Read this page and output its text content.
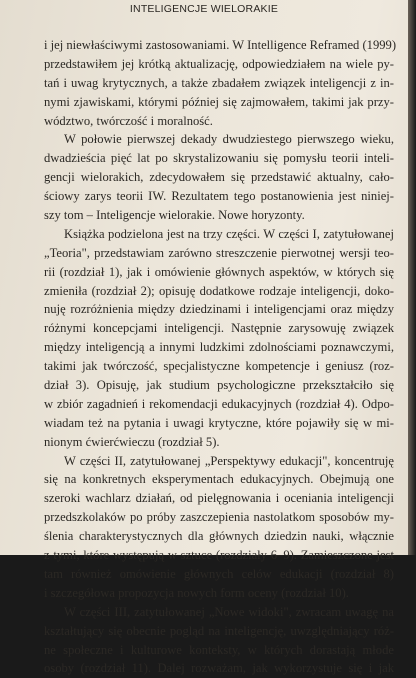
INTELIGENCJE WIELORAKIE
i jej niewłaściwymi zastosowaniami. W Intelligence Reframed (1999)
przedstawiłem jej krótką aktualizację, odpowiedziałem na wiele py-
tań i uwag krytycznych, a także zbadałem związek inteligencji z in-
nymi zjawiskami, którymi później się zajmowałem, takimi jak przy-
wództwo, twórczość i moralność.
W połowie pierwszej dekady dwudziestego pierwszego wieku,
dwadzieścia pięć lat po skrystalizowaniu się pomysłu teorii inteli-
gencji wielorakich, zdecydowałem się przedstawić aktualny, cało-
ściowy zarys teorii IW. Rezultatem tego postanowienia jest niniej-
szy tom – Inteligencje wielorakie. Nowe horyzonty.
Książka podzielona jest na trzy części. W części I, zatytułowanej
„Teoria", przedstawiam zarówno streszczenie pierwotnej wersji teo-
rii (rozdział 1), jak i omówienie głównych aspektów, w których się
zmieniła (rozdział 2); opisuję dodatkowe rodzaje inteligencji, doko-
nuję rozróżnienia między dziedzinami i inteligencjami oraz między
różnymi koncepcjami inteligencji. Następnie zarysowuję związek
między inteligencją a innymi ludzkimi zdolnościami poznawczymi,
takimi jak twórczość, specjalistyczne kompetencje i geniusz (roz-
dział 3). Opisuję, jak studium psychologiczne przekształciło się
w zbiór zagadnień i rekomendacji edukacyjnych (rozdział 4). Odpo-
wiadam też na pytania i uwagi krytyczne, które pojawiły się w mi-
nionym ćwierćwieczu (rozdział 5).
W części II, zatytułowanej „Perspektywy edukacji", koncentruję
się na konkretnych eksperymentach edukacyjnych. Obejmują one
szeroki wachlarz działań, od pielęgnowania i oceniania inteligencji
przedszkolaków po próby zaszczepienia nastolatkom sposobów my-
ślenia charakterystycznych dla głównych dziedzin nauki, włącznie
z tymi, które występują w sztuce (rozdziały 6–9). Zamieszczone jest
tam również omówienie głównych celów edukacji (rozdział 8)
i szczegółowa propozycja nowych form oceny (rozdział 10).
W części III, zatytułowanej „Nowe widoki", zwracam uwagę na
kształtujący się obecnie pogląd na inteligencję, uwzględniający róż-
ne społeczne i kulturowe konteksty, w których dorastają młode
osoby (rozdział 11). Dalej rozważam, jak wykorzystuje się i jak
